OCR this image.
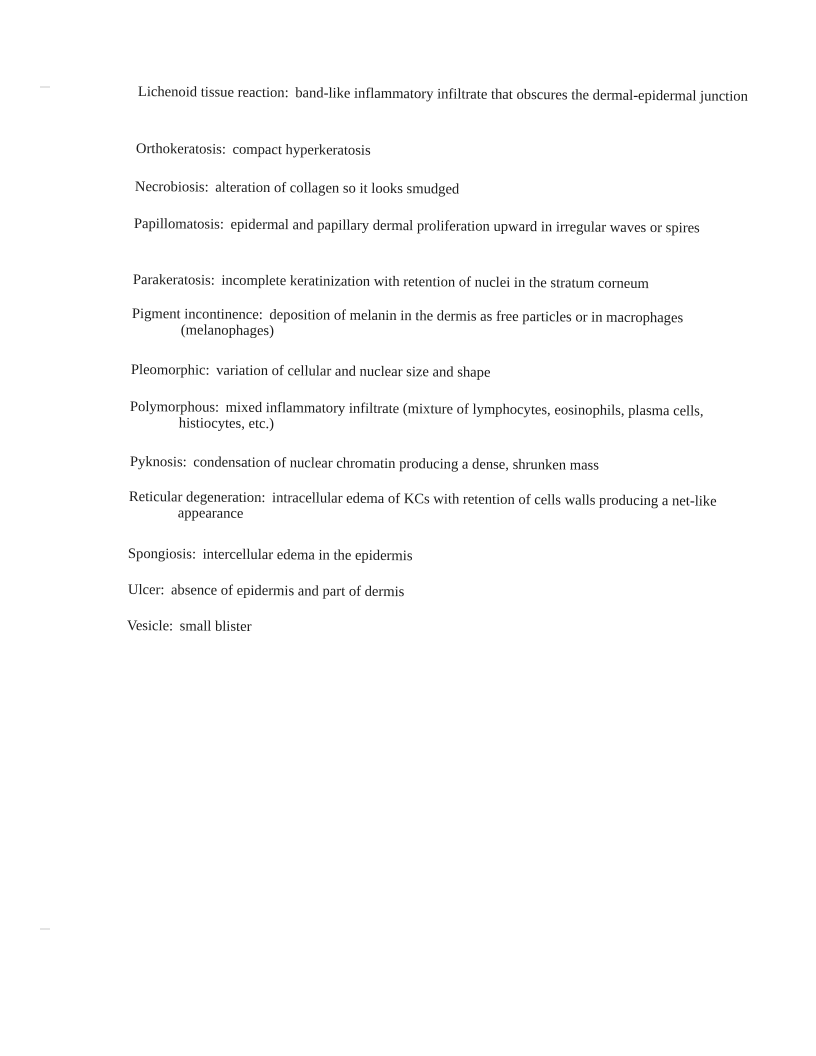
Lichenoid tissue reaction : band-like inflammatory infiltrate that obscures the dermal-epidermal junction

Orthokeratosis : compact hyperkeratosis

Necrobiosis : alteration of collagen so it looks smudged

Papillomatosis : epidermal and papillary dermal proliferation upward in irregular waves or spires

Parakeratosis : incomplete keratinization with retention of nuclei in the stratum corneum

Pigment incontinence : deposition of melanin in the dermis as free particles or in macrophages (melanophages)

Pleomorphic : variation of cellular and nuclear size and shape

Polymorphous : mixed inflammatory infiltrate (mixture of lymphocytes, eosinophils, plasma cells, histiocytes, etc.)

Pyknosis : condensation of nuclear chromatin producing a dense, shrunken mass

Reticular degeneration : intracellular edema of KCs with retention of cells walls producing a net-like appearance

Spongiosis : intercellular edema in the epidermis

Ulcer : absence of epidermis and part of dermis

Vesicle : small blister
